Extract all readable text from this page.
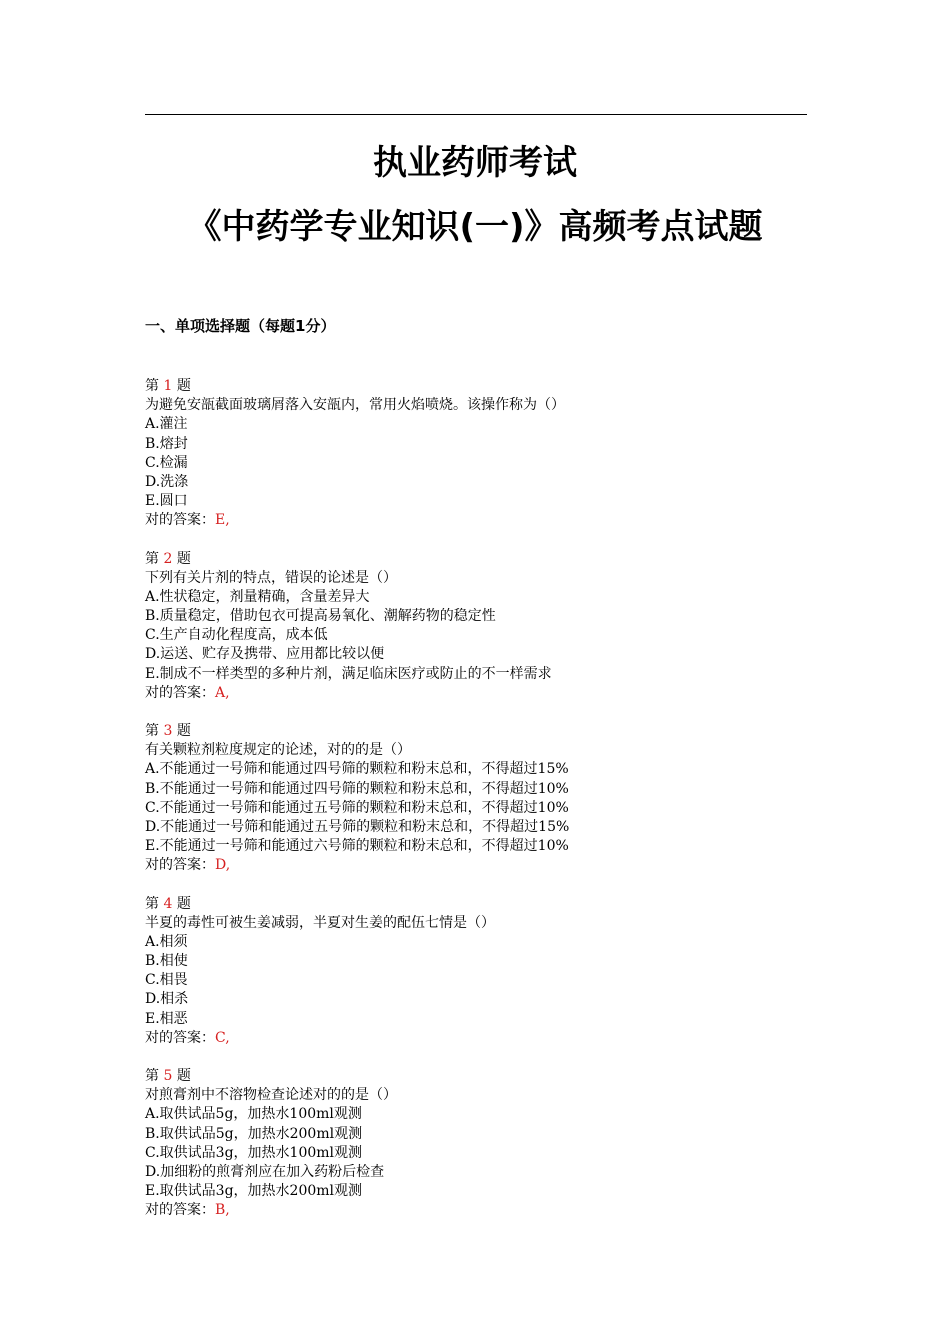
执业药师考试
《中药学专业知识(一)》高频考点试题
一、单项选择题（每题1分）
第 1 题
为避免安瓿截面玻璃屑落入安瓿内，常用火焰喷烧。该操作称为（）
A.灌注
B.熔封
C.检漏
D.洗涤
E.圆口
对的答案：E,
第 2 题
下列有关片剂的特点，错误的论述是（）
A.性状稳定，剂量精确，含量差异大
B.质量稳定，借助包衣可提高易氧化、潮解药物的稳定性
C.生产自动化程度高，成本低
D.运送、贮存及携带、应用都比较以便
E.制成不一样类型的多种片剂，满足临床医疗或防止的不一样需求
对的答案：A,
第 3 题
有关颗粒剂粒度规定的论述，对的的是（）
A.不能通过一号筛和能通过四号筛的颗粒和粉末总和，不得超过15%
B.不能通过一号筛和能通过四号筛的颗粒和粉末总和，不得超过10%
C.不能通过一号筛和能通过五号筛的颗粒和粉末总和，不得超过10%
D.不能通过一号筛和能通过五号筛的颗粒和粉末总和，不得超过15%
E.不能通过一号筛和能通过六号筛的颗粒和粉末总和，不得超过10%
对的答案：D,
第 4 题
半夏的毒性可被生姜减弱，半夏对生姜的配伍七情是（）
A.相须
B.相使
C.相畏
D.相杀
E.相恶
对的答案：C,
第 5 题
对煎膏剂中不溶物检查论述对的的是（）
A.取供试品5g，加热水100ml观测
B.取供试品5g，加热水200ml观测
C.取供试品3g，加热水100ml观测
D.加细粉的煎膏剂应在加入药粉后检查
E.取供试品3g，加热水200ml观测
对的答案：B,
